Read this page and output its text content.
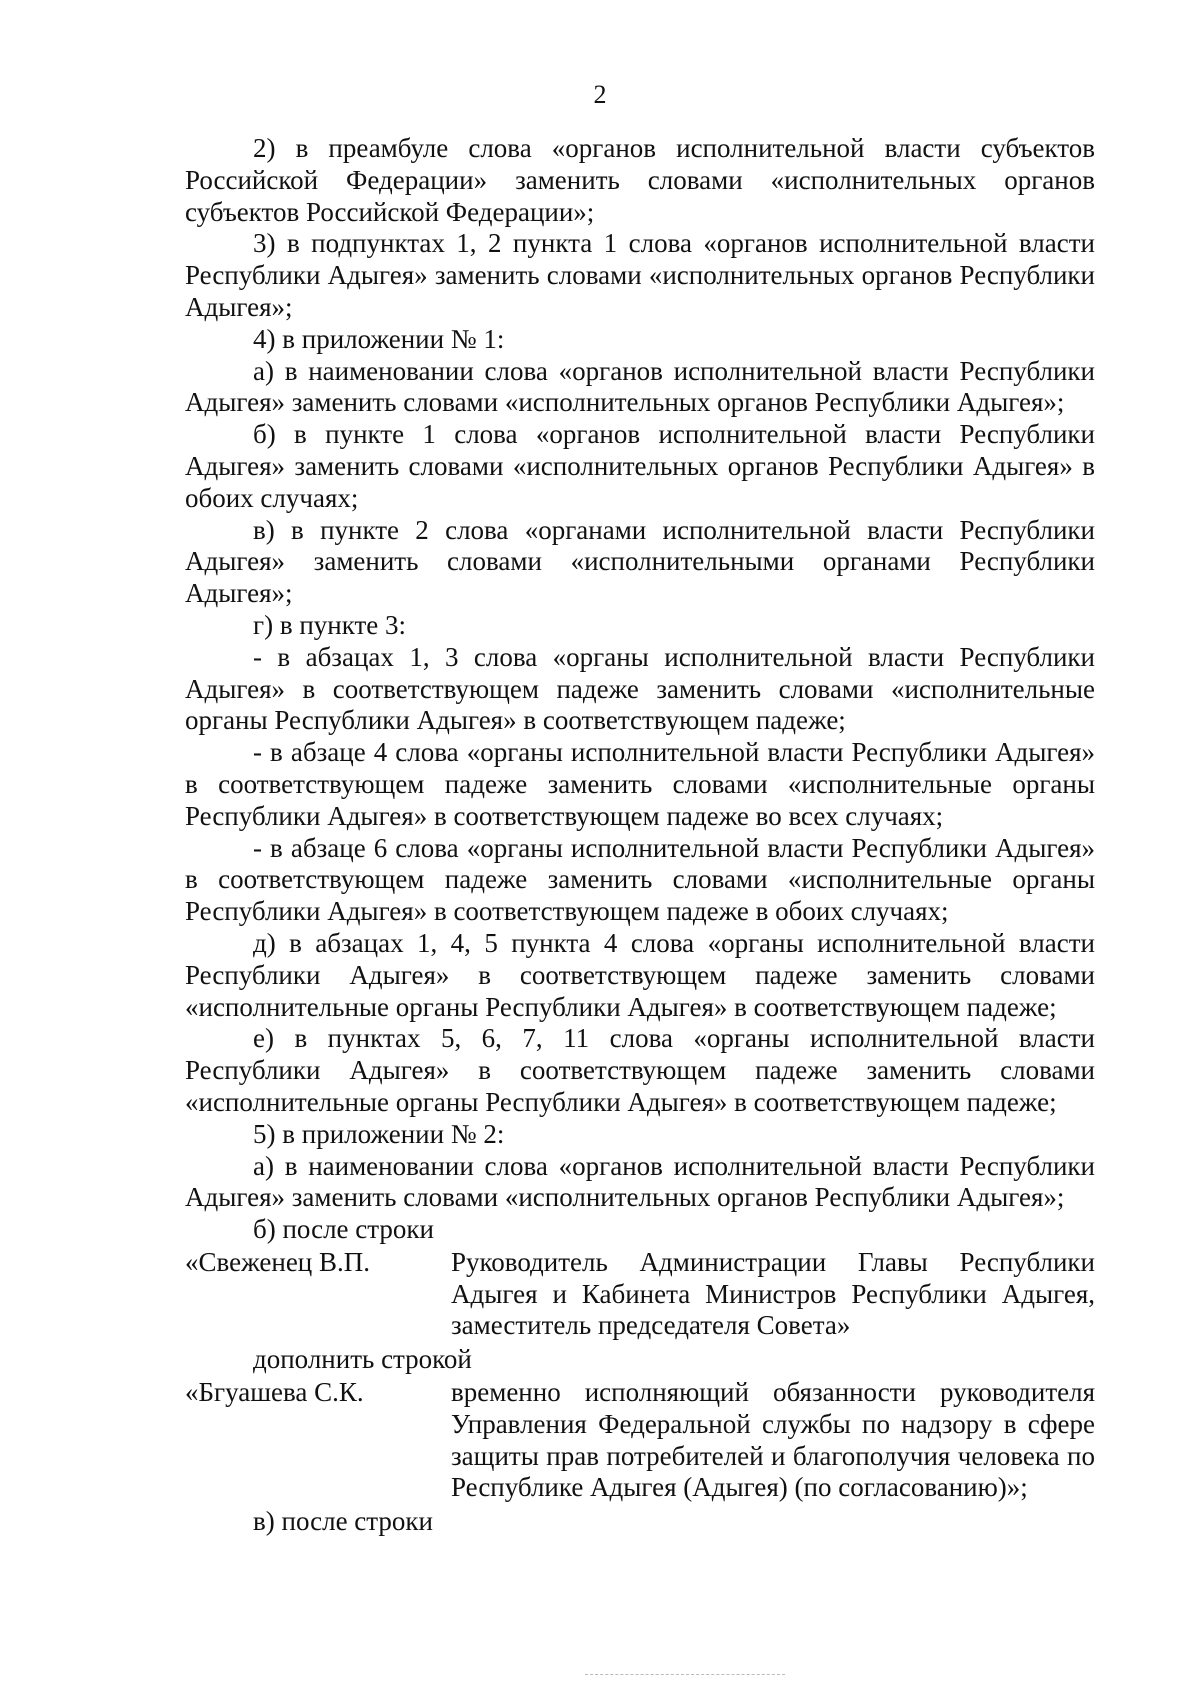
2

2) в преамбуле слова «органов исполнительной власти субъектов Российской Федерации» заменить словами «исполнительных органов субъектов Российской Федерации»;

3) в подпунктах 1, 2 пункта 1 слова «органов исполнительной власти Республики Адыгея» заменить словами «исполнительных органов Республики Адыгея»;

4) в приложении № 1:

а) в наименовании слова «органов исполнительной власти Республики Адыгея» заменить словами «исполнительных органов Республики Адыгея»;

б) в пункте 1 слова «органов исполнительной власти Республики Адыгея» заменить словами «исполнительных органов Республики Адыгея» в обоих случаях;

в) в пункте 2 слова «органами исполнительной власти Республики Адыгея» заменить словами «исполнительными органами Республики Адыгея»;

г) в пункте 3:

- в абзацах 1, 3 слова «органы исполнительной власти Республики Адыгея» в соответствующем падеже заменить словами «исполнительные органы Республики Адыгея» в соответствующем падеже;

- в абзаце 4 слова «органы исполнительной власти Республики Адыгея» в соответствующем падеже заменить словами «исполнительные органы Республики Адыгея» в соответствующем падеже во всех случаях;

- в абзаце 6 слова «органы исполнительной власти Республики Адыгея» в соответствующем падеже заменить словами «исполнительные органы Республики Адыгея» в соответствующем падеже в обоих случаях;

д) в абзацах 1, 4, 5 пункта 4 слова «органы исполнительной власти Республики Адыгея» в соответствующем падеже заменить словами «исполнительные органы Республики Адыгея» в соответствующем падеже;

е) в пунктах 5, 6, 7, 11 слова «органы исполнительной власти Республики Адыгея» в соответствующем падеже заменить словами «исполнительные органы Республики Адыгея» в соответствующем падеже;

5) в приложении № 2:

а) в наименовании слова «органов исполнительной власти Республики Адыгея» заменить словами «исполнительных органов Республики Адыгея»;

б) после строки

«Свеженец В.П.	Руководитель Администрации Главы Республики Адыгея и Кабинета Министров Республики Адыгея, заместитель председателя Совета»

дополнить строкой

«Бгуашева С.К.	временно исполняющий обязанности руководителя Управления Федеральной службы по надзору в сфере защиты прав потребителей и благополучия человека по Республике Адыгея (Адыгея) (по согласованию)»;

в) после строки
